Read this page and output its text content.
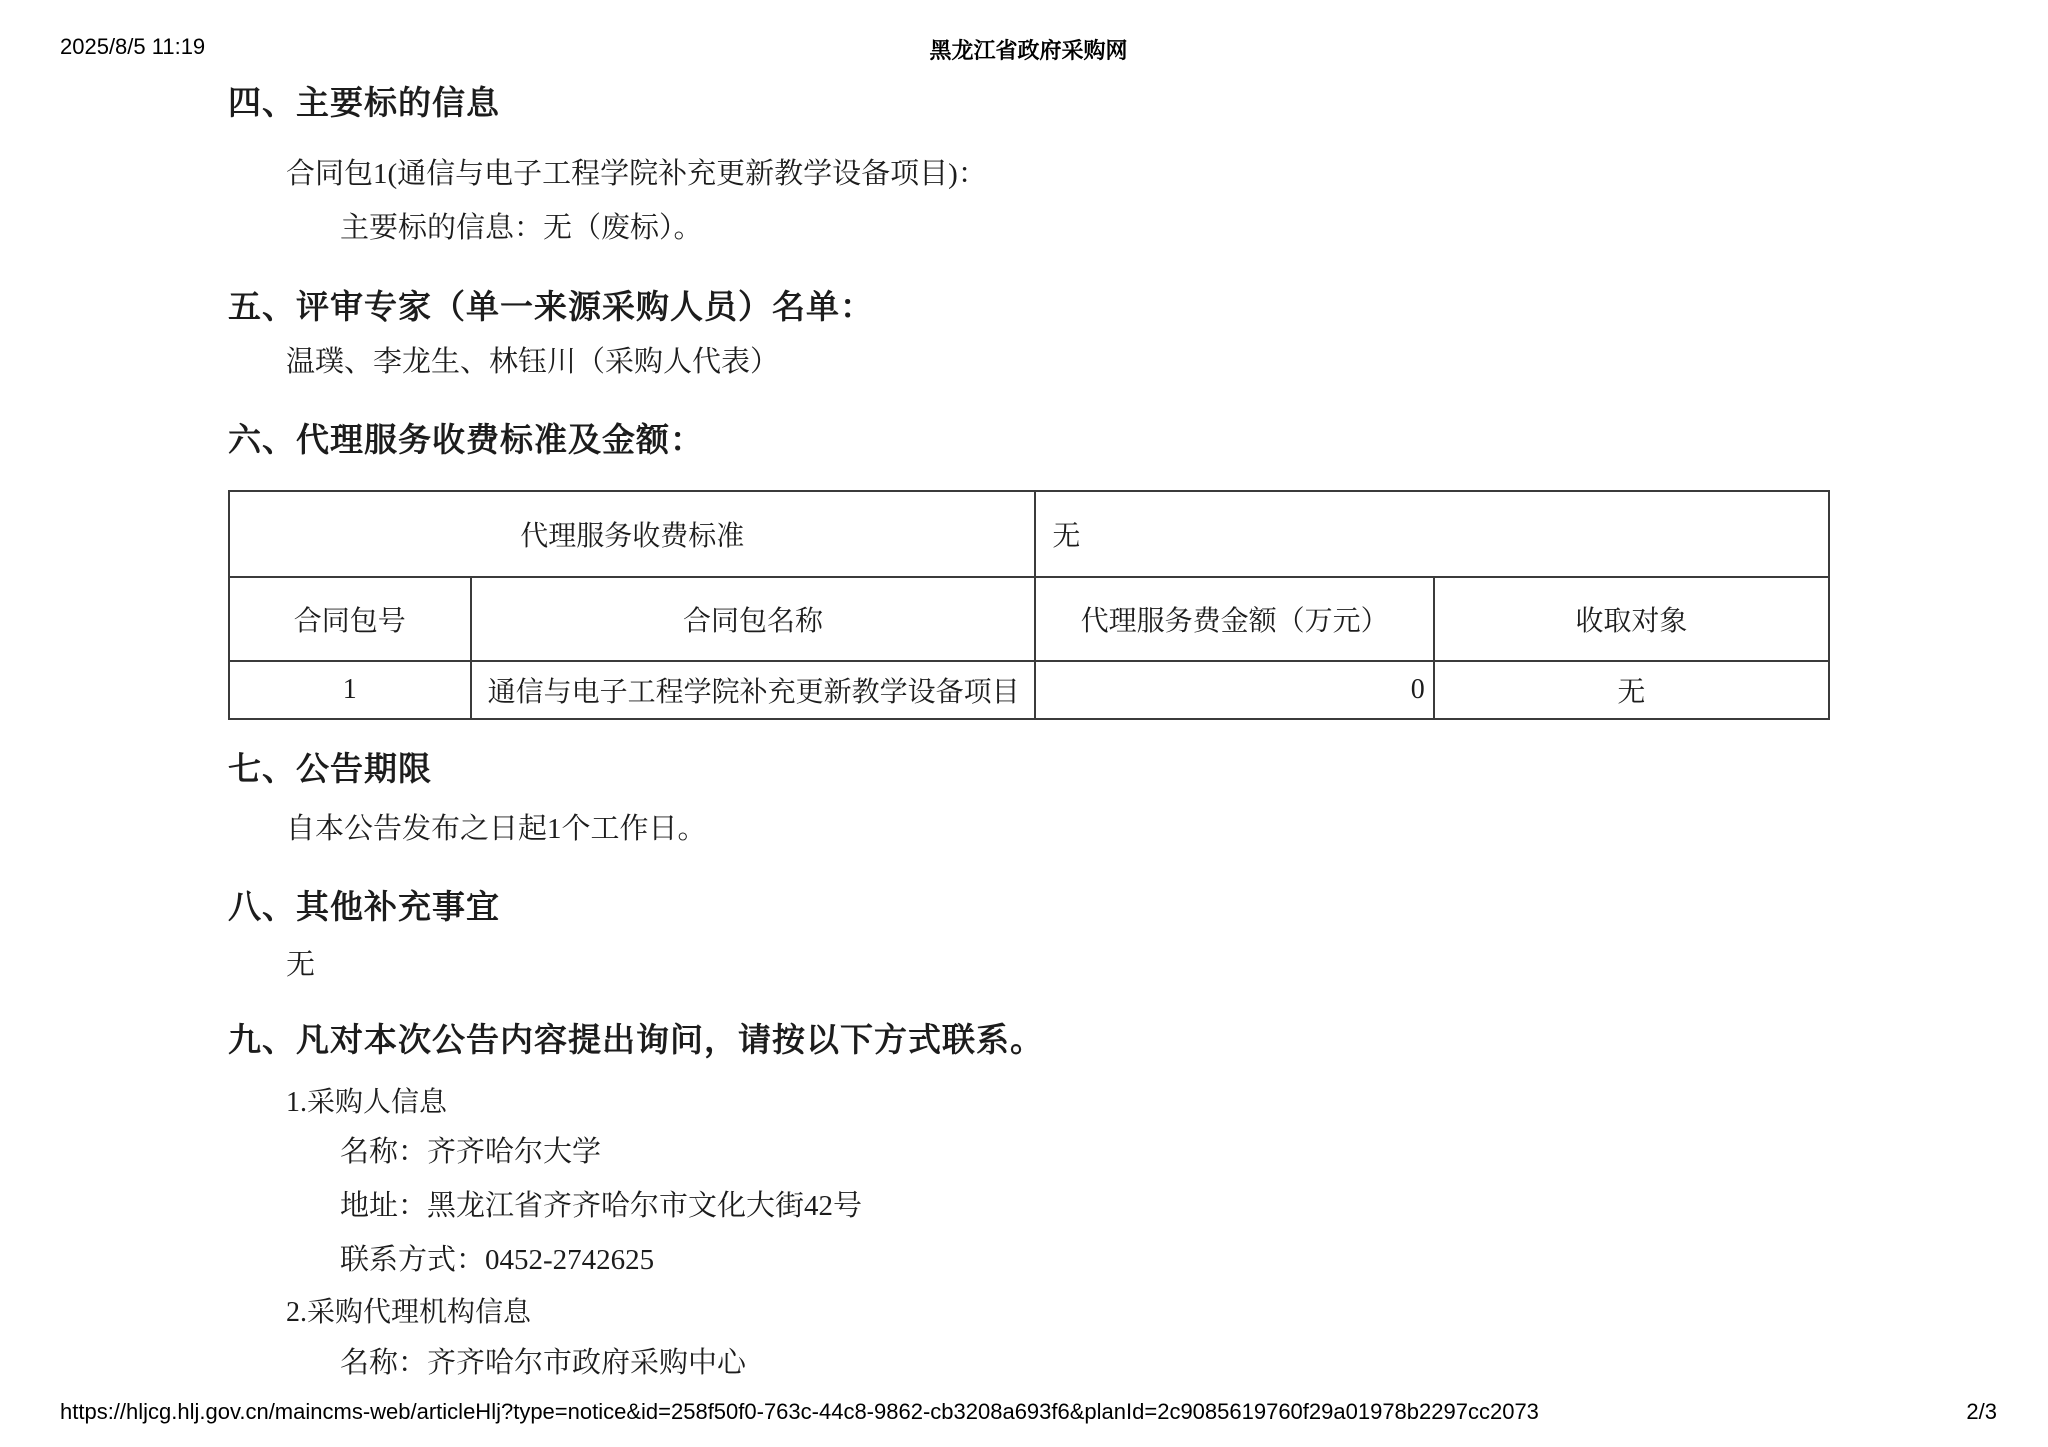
2025/8/5 11:19	黑龙江省政府采购网
四、主要标的信息
合同包1(通信与电子工程学院补充更新教学设备项目)：
主要标的信息：无（废标）。
五、评审专家（单一来源采购人员）名单：
温璞、李龙生、林钰川（采购人代表）
六、代理服务收费标准及金额：
代理服务收费标准		无	
合同包号	合同包名称	代理服务费金额（万元）	收取对象
1	通信与电子工程学院补充更新教学设备项目	0	无
七、公告期限
自本公告发布之日起1个工作日。
八、其他补充事宜
无
九、凡对本次公告内容提出询问，请按以下方式联系。
1.采购人信息
名称：齐齐哈尔大学
地址：黑龙江省齐齐哈尔市文化大街42号
联系方式：0452-2742625
2.采购代理机构信息
名称：齐齐哈尔市政府采购中心
https://hljcg.hlj.gov.cn/maincms-web/articleHlj?type=notice&id=258f50f0-763c-44c8-9862-cb3208a693f6&planId=2c9085619760f29a01978b2297cc2073	2/3
